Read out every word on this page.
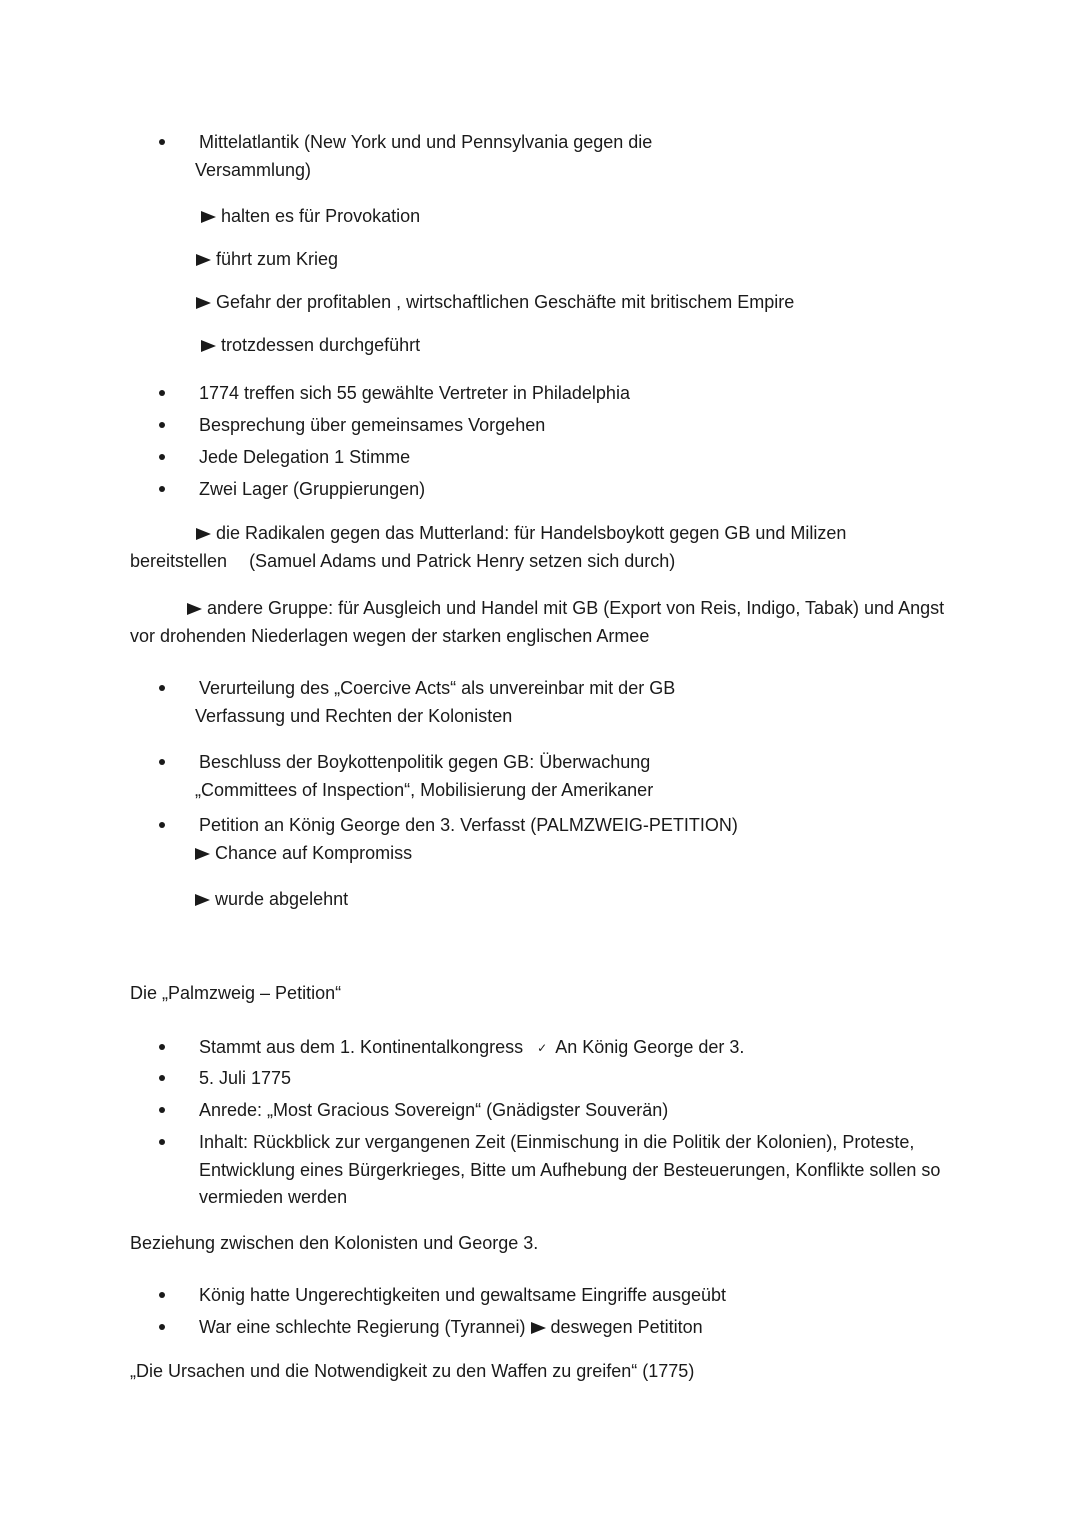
Mittelatlantik (New York und und Pennsylvania gegen die
Versammlung)
halten es für Provokation
führt zum Krieg
Gefahr der profitablen , wirtschaftlichen Geschäfte mit britischem Empire
trotzdessen durchgeführt
1774 treffen sich 55 gewählte Vertreter in Philadelphia
Besprechung über gemeinsames Vorgehen
Jede Delegation 1 Stimme
Zwei Lager (Gruppierungen)
die Radikalen gegen das Mutterland: für Handelsboykott gegen GB und Milizen
bereitstellen (Samuel Adams und Patrick Henry setzen sich durch)
andere Gruppe: für Ausgleich und Handel mit GB (Export von Reis, Indigo, Tabak) und Angst
vor drohenden Niederlagen wegen der starken englischen Armee
Verurteilung des „Coercive Acts“ als unvereinbar mit der GB
Verfassung und Rechten der Kolonisten
Beschluss der Boykottenpolitik gegen GB: Überwachung
„Committees of Inspection“, Mobilisierung der Amerikaner
Petition an König George den 3. Verfasst (PALMZWEIG-PETITION)
Chance auf Kompromiss
wurde abgelehnt
Die „Palmzweig – Petition“
Stammt aus dem 1. Kontinentalkongress ✓ An König George der 3.
5. Juli 1775
Anrede: „Most Gracious Sovereign“ (Gnädigster Souverän)
Inhalt: Rückblick zur vergangenen Zeit (Einmischung in die Politik der Kolonien), Proteste,
Entwicklung eines Bürgerkrieges, Bitte um Aufhebung der Besteuerungen, Konflikte sollen so
vermieden werden
Beziehung zwischen den Kolonisten und George 3.
König hatte Ungerechtigkeiten und gewaltsame Eingriffe ausgeübt
War eine schlechte Regierung (Tyrannei) deswegen Petititon
„Die Ursachen und die Notwendigkeit zu den Waffen zu greifen“ (1775)
